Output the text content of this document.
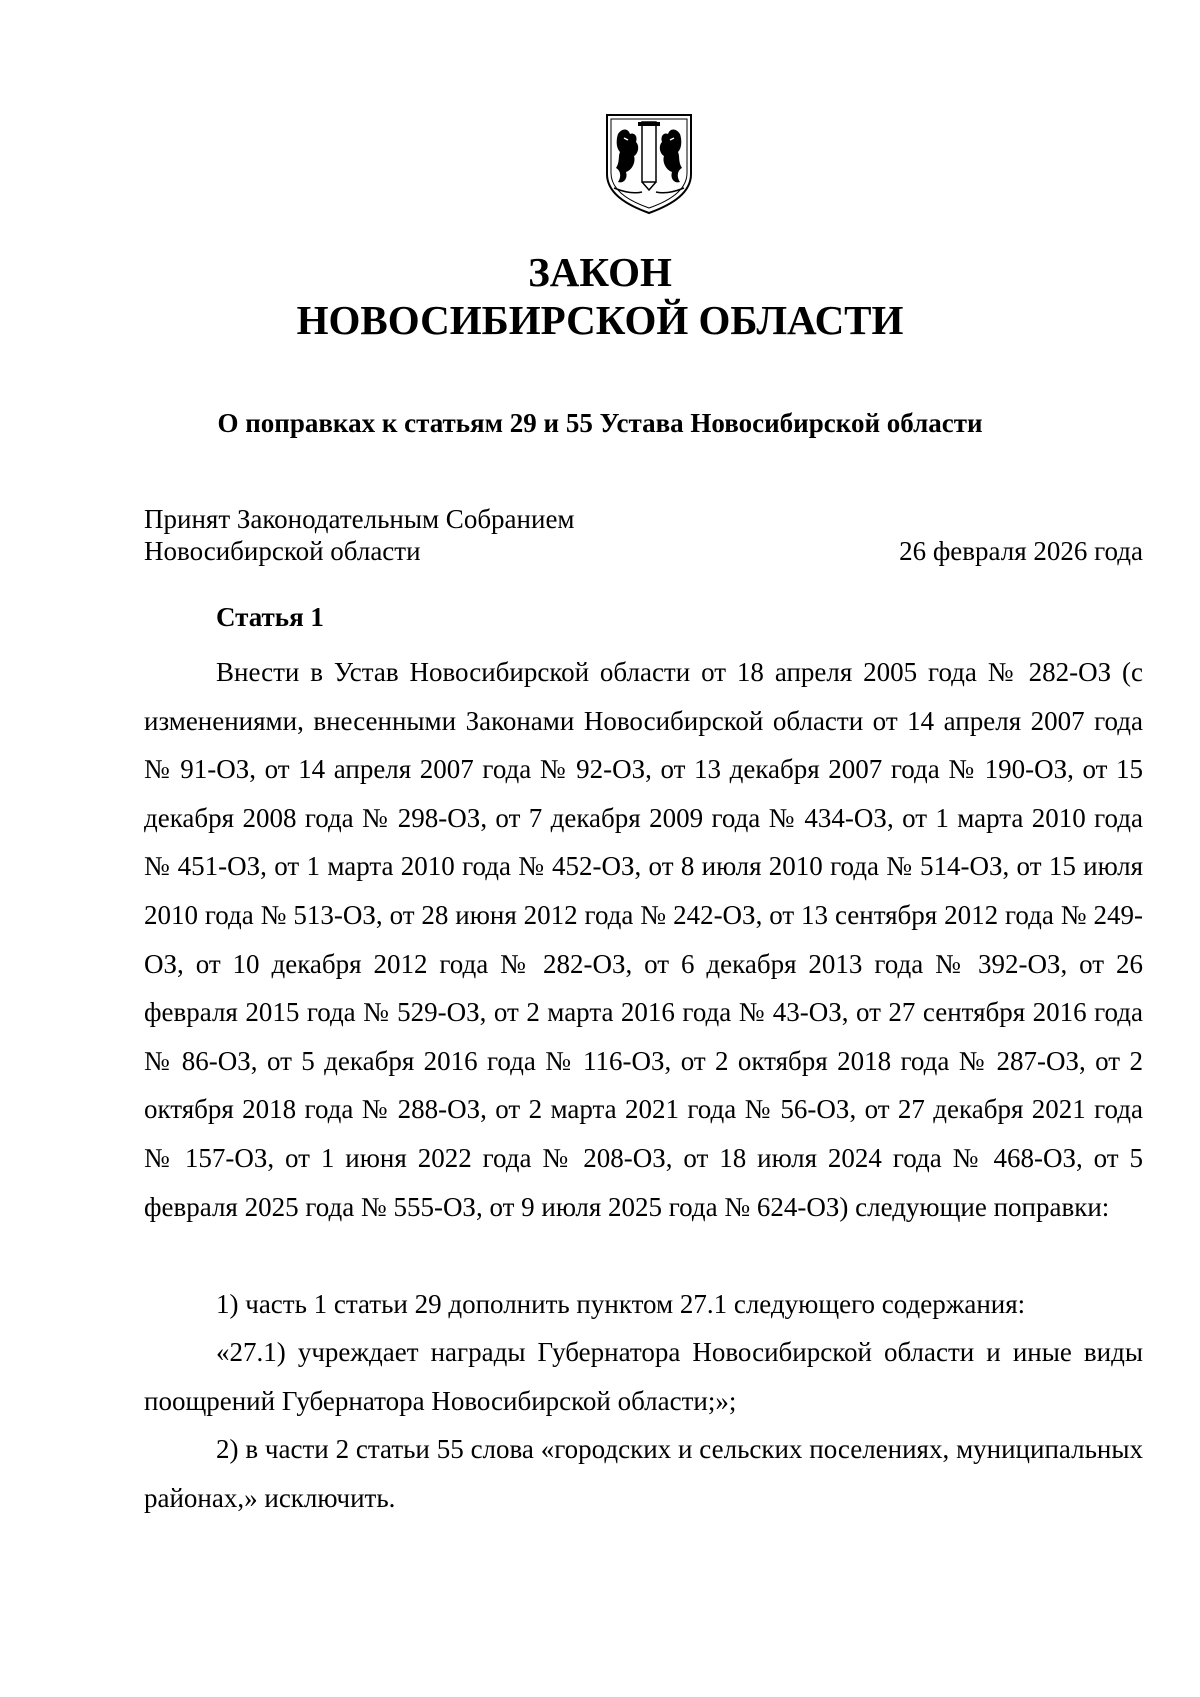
ЗАКОН
НОВОСИБИРСКОЙ ОБЛАСТИ
О поправках к статьям 29 и 55 Устава Новосибирской области
Принят Законодательным Собранием
Новосибирской области	26 февраля 2026 года
Статья 1

Внести в Устав Новосибирской области от 18 апреля 2005 года № 282-ОЗ (с изменениями, внесенными Законами Новосибирской области от 14 апреля 2007 года № 91-ОЗ, от 14 апреля 2007 года № 92-ОЗ, от 13 декабря 2007 года № 190-ОЗ, от 15 декабря 2008 года № 298-ОЗ, от 7 декабря 2009 года № 434-ОЗ, от 1 марта 2010 года № 451-ОЗ, от 1 марта 2010 года № 452-ОЗ, от 8 июля 2010 года № 514-ОЗ, от 15 июля 2010 года № 513-ОЗ, от 28 июня 2012 года № 242-ОЗ, от 13 сентября 2012 года № 249-ОЗ, от 10 декабря 2012 года № 282-ОЗ, от 6 декабря 2013 года № 392-ОЗ, от 26 февраля 2015 года № 529-ОЗ, от 2 марта 2016 года № 43-ОЗ, от 27 сентября 2016 года № 86-ОЗ, от 5 декабря 2016 года № 116-ОЗ, от 2 октября 2018 года № 287-ОЗ, от 2 октября 2018 года № 288-ОЗ, от 2 марта 2021 года № 56-ОЗ, от 27 декабря 2021 года № 157-ОЗ, от 1 июня 2022 года № 208-ОЗ, от 18 июля 2024 года № 468-ОЗ, от 5 февраля 2025 года № 555-ОЗ, от 9 июля 2025 года № 624-ОЗ) следующие поправки:

1) часть 1 статьи 29 дополнить пунктом 27.1 следующего содержания:

«27.1) учреждает награды Губернатора Новосибирской области и иные виды поощрений Губернатора Новосибирской области;»;

2) в части 2 статьи 55 слова «городских и сельских поселениях, муниципальных районах,» исключить.
